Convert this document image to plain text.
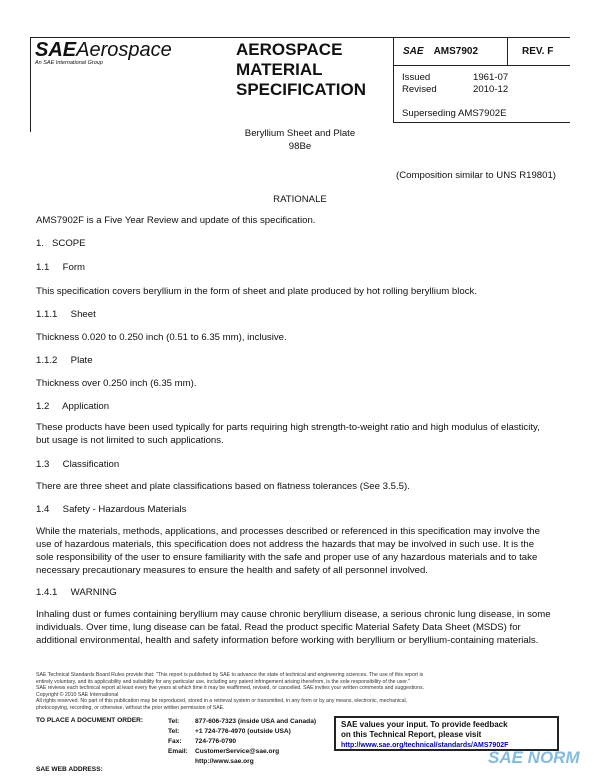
SAEAerospace
An SAE International Group
AEROSPACE
MATERIAL
SPECIFICATION
SAE AMS7902	REV. F
Issued	1961-07
Revised	2010-12
Superseding AMS7902E
Beryllium Sheet and Plate
98Be
(Composition similar to UNS R19801)
RATIONALE
AMS7902F is a Five Year Review and update of this specification.
1.   SCOPE
1.1     Form
This specification covers beryllium in the form of sheet and plate produced by hot rolling beryllium block.
1.1.1     Sheet
Thickness 0.020 to 0.250 inch (0.51 to 6.35 mm), inclusive.
1.1.2     Plate
Thickness over 0.250 inch (6.35 mm).
1.2     Application
These products have been used typically for parts requiring high strength-to-weight ratio and high modulus of elasticity,
but usage is not limited to such applications.
1.3     Classification
There are three sheet and plate classifications based on flatness tolerances (See 3.5.5).
1.4     Safety - Hazardous Materials
While the materials, methods, applications, and processes described or referenced in this specification may involve the
use of hazardous materials, this specification does not address the hazards that may be involved in such use. It is the
sole responsibility of the user to ensure familiarity with the safe and proper use of any hazardous materials and to take
necessary precautionary measures to ensure the health and safety of all personnel involved.
1.4.1     WARNING
Inhaling dust or fumes containing beryllium may cause chronic beryllium disease, a serious chronic lung disease, in some
individuals. Over time, lung disease can be fatal. Read the product specific Material Safety Data Sheet (MSDS) for
additional environmental, health and safety information before working with beryllium or beryllium-containing materials.
SAE Technical Standards Board Rules provide that: "This report is published by SAE to advance the state of technical and engineering sciences. The use of this report is
entirely voluntary, and its applicability and suitability for any particular use, including any patent infringement arising therefrom, is the sole responsibility of the user."
SAE reviews each technical report at least every five years at which time it may be reaffirmed, revised, or cancelled. SAE invites your written comments and suggestions.
Copyright © 2010 SAE International
All rights reserved. No part of this publication may be reproduced, stored in a retrieval system or transmitted, in any form or by any means, electronic, mechanical,
photocopying, recording, or otherwise, without the prior written permission of SAE.
TO PLACE A DOCUMENT ORDER:
SAE WEB ADDRESS:
Tel: 877-606-7323 (inside USA and Canada)
Tel: +1 724-776-4970 (outside USA)
Fax: 724-776-0790
Email: CustomerService@sae.org
http://www.sae.org
SAE values your input. To provide feedback
on this Technical Report, please visit
http://www.sae.org/technical/standards/AMS7902F
SAE NORM
